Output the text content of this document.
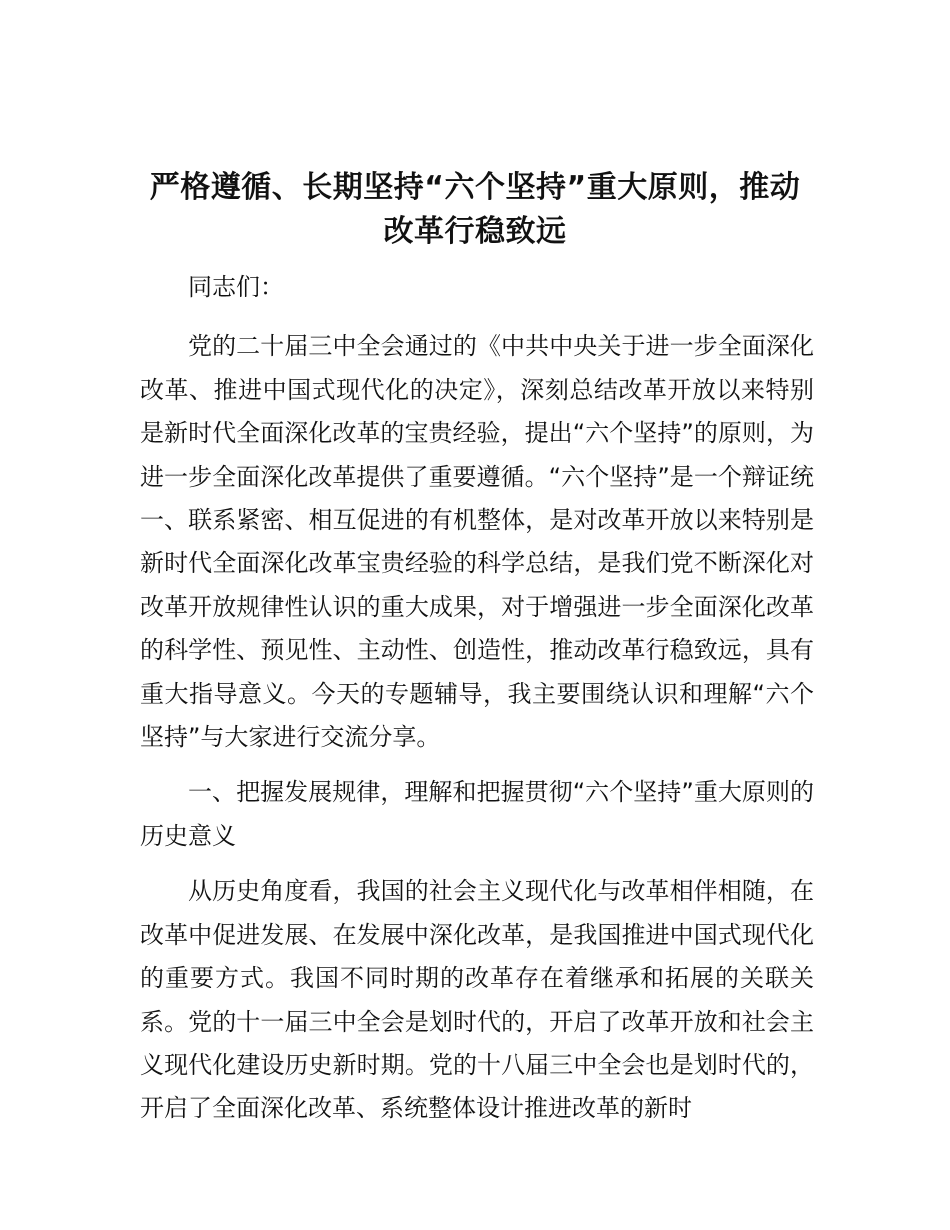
严格遵循、长期坚持“六个坚持”重大原则，推动改革行稳致远

同志们：

党的二十届三中全会通过的《中共中央关于进一步全面深化改革、推进中国式现代化的决定》，深刻总结改革开放以来特别是新时代全面深化改革的宝贵经验，提出“六个坚持”的原则，为进一步全面深化改革提供了重要遵循。“六个坚持”是一个辩证统一、联系紧密、相互促进的有机整体，是对改革开放以来特别是新时代全面深化改革宝贵经验的科学总结，是我们党不断深化对改革开放规律性认识的重大成果，对于增强进一步全面深化改革的科学性、预见性、主动性、创造性，推动改革行稳致远，具有重大指导意义。今天的专题辅导，我主要围绕认识和理解“六个坚持”与大家进行交流分享。

一、把握发展规律，理解和把握贯彻“六个坚持”重大原则的历史意义

从历史角度看，我国的社会主义现代化与改革相伴相随，在改革中促进发展、在发展中深化改革，是我国推进中国式现代化的重要方式。我国不同时期的改革存在着继承和拓展的关联关系。党的十一届三中全会是划时代的，开启了改革开放和社会主义现代化建设历史新时期。党的十八届三中全会也是划时代的，开启了全面深化改革、系统整体设计推进改革的新时
